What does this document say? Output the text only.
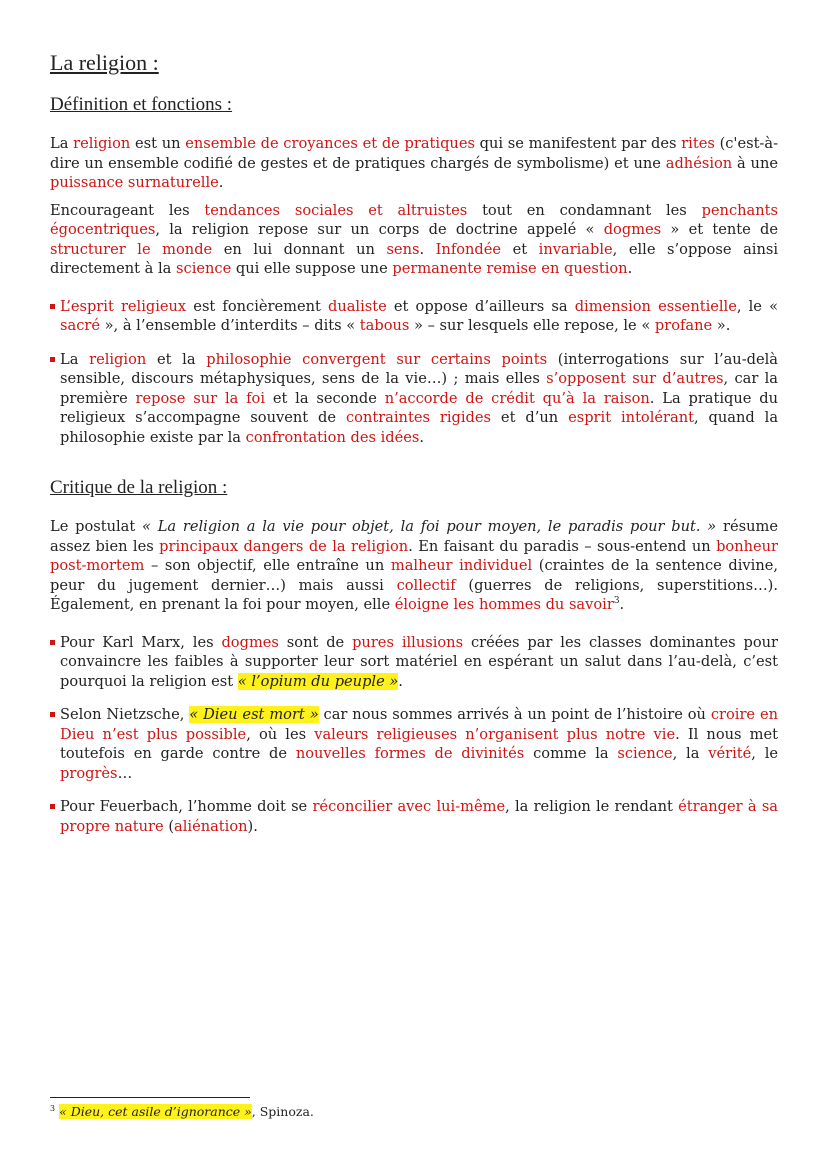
La religion :
Définition et fonctions :

La religion est un ensemble de croyances et de pratiques qui se manifestent par des rites (c'est-à-dire un ensemble codifié de gestes et de pratiques chargés de symbolisme) et une adhésion à une puissance surnaturelle.

Encourageant les tendances sociales et altruistes tout en condamnant les penchants égocentriques, la religion repose sur un corps de doctrine appelé « dogmes » et tente de structurer le monde en lui donnant un sens. Infondée et invariable, elle s’oppose ainsi directement à la science qui elle suppose une permanente remise en question.

L’esprit religieux est foncièrement dualiste et oppose d’ailleurs sa dimension essentielle, le « sacré », à l’ensemble d’interdits – dits « tabous » – sur lesquels elle repose, le « profane ».

La religion et la philosophie convergent sur certains points (interrogations sur l’au-delà sensible, discours métaphysiques, sens de la vie…) ; mais elles s’opposent sur d’autres, car la première repose sur la foi et la seconde n’accorde de crédit qu’à la raison. La pratique du religieux s’accompagne souvent de contraintes rigides et d’un esprit intolérant, quand la philosophie existe par la confrontation des idées.

Critique de la religion :

Le postulat « La religion a la vie pour objet, la foi pour moyen, le paradis pour but. » résume assez bien les principaux dangers de la religion. En faisant du paradis – sous-entend un bonheur post-mortem – son objectif, elle entraîne un malheur individuel (craintes de la sentence divine, peur du jugement dernier…) mais aussi collectif (guerres de religions, superstitions…). Également, en prenant la foi pour moyen, elle éloigne les hommes du savoir$^3$.

Pour Karl Marx, les dogmes sont de pures illusions créées par les classes dominantes pour convaincre les faibles à supporter leur sort matériel en espérant un salut dans l’au-delà, c’est pourquoi la religion est « l’opium du peuple ».

Selon Nietzsche, « Dieu est mort » car nous sommes arrivés à un point de l’histoire où croire en Dieu n’est plus possible, où les valeurs religieuses n’organisent plus notre vie. Il nous met toutefois en garde contre de nouvelles formes de divinités comme la science, la vérité, le progrès…

Pour Feuerbach, l’homme doit se réconcilier avec lui-même, la religion le rendant étranger à sa propre nature (aliénation).

$^3$ « Dieu, cet asile d’ignorance », Spinoza.
